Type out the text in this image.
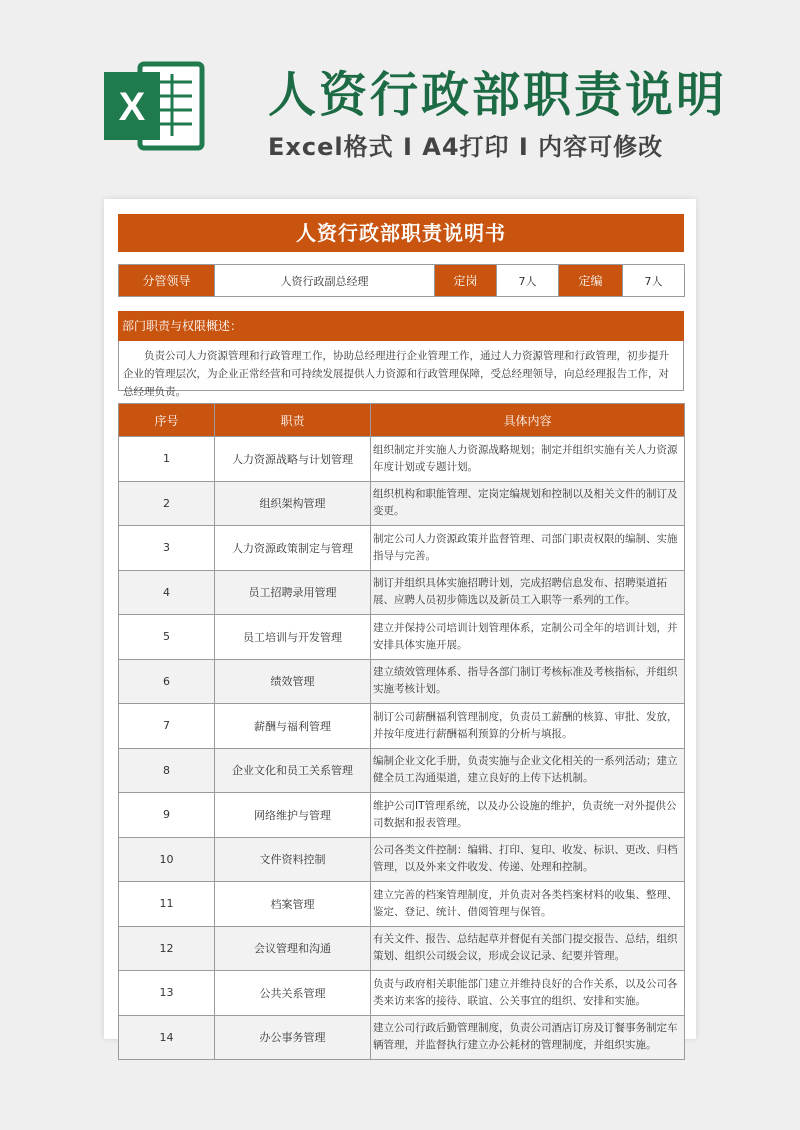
X	人资行政部职责说明
Excel格式 I A4打印 I 内容可修改
人资行政部职责说明书
分管领导	人资行政副总经理	定岗	7人	定编	7人
部门职责与权限概述：
负责公司人力资源管理和行政管理工作，协助总经理进行企业管理工作，通过人力资源管理和行政管理，初步提升企业的管理层次，为企业正常经营和可持续发展提供人力资源和行政管理保障，受总经理领导，向总经理报告工作，对总经理负责。
序号	职责	具体内容
1	人力资源战略与计划管理	组织制定并实施人力资源战略规划；制定并组织实施有关人力资源年度计划或专题计划。
2	组织架构管理	组织机构和职能管理、定岗定编规划和控制以及相关文件的制订及变更。
3	人力资源政策制定与管理	制定公司人力资源政策并监督管理、司部门职责权限的编制、实施指导与完善。
4	员工招聘录用管理	制订并组织具体实施招聘计划，完成招聘信息发布、招聘渠道拓展、应聘人员初步筛选以及新员工入职等一系列的工作。
5	员工培训与开发管理	建立并保持公司培训计划管理体系，定制公司全年的培训计划，并安排具体实施开展。
6	绩效管理	建立绩效管理体系、指导各部门制订考核标准及考核指标，并组织实施考核计划。
7	薪酬与福利管理	制订公司薪酬福利管理制度，负责员工薪酬的核算、审批、发放，并按年度进行薪酬福利预算的分析与填报。
8	企业文化和员工关系管理	编制企业文化手册，负责实施与企业文化相关的一系列活动；建立健全员工沟通渠道，建立良好的上传下达机制。
9	网络维护与管理	维护公司IT管理系统，以及办公设施的维护，负责统一对外提供公司数据和报表管理。
10	文件资料控制	公司各类文件控制：编辑、打印、复印、收发、标识、更改、归档管理，以及外来文件收发、传递、处理和控制。
11	档案管理	建立完善的档案管理制度，并负责对各类档案材料的收集、整理、鉴定、登记、统计、借阅管理与保管。
12	会议管理和沟通	有关文件、报告、总结起草并督促有关部门提交报告、总结，组织策划、组织公司级会议，形成会议记录、纪要并管理。
13	公共关系管理	负责与政府相关职能部门建立并维持良好的合作关系，以及公司各类来访来客的接待、联谊、公关事宜的组织、安排和实施。
14	办公事务管理	建立公司行政后勤管理制度，负责公司酒店订房及订餐事务制定车辆管理，并监督执行建立办公耗材的管理制度，并组织实施。
